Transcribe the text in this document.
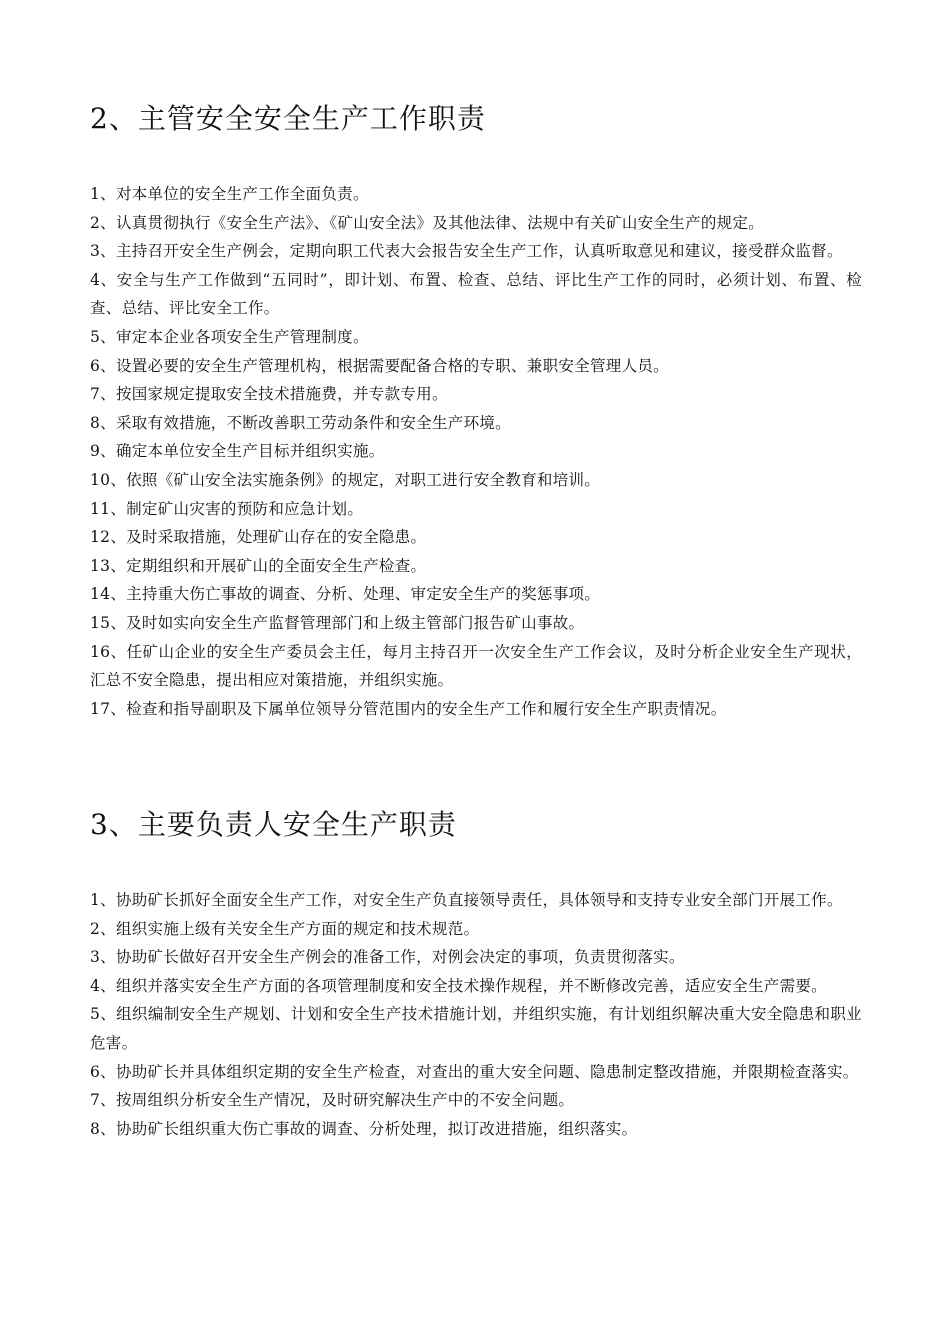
2、主管安全安全生产工作职责
1、对本单位的安全生产工作全面负责。
2、认真贯彻执行《安全生产法》、《矿山安全法》及其他法律、法规中有关矿山安全生产的规定。
3、主持召开安全生产例会，定期向职工代表大会报告安全生产工作，认真听取意见和建议，接受群众监督。
4、安全与生产工作做到“五同时”，即计划、布置、检查、总结、评比生产工作的同时，必须计划、布置、检查、总结、评比安全工作。
5、审定本企业各项安全生产管理制度。
6、设置必要的安全生产管理机构，根据需要配备合格的专职、兼职安全管理人员。
7、按国家规定提取安全技术措施费，并专款专用。
8、采取有效措施，不断改善职工劳动条件和安全生产环境。
9、确定本单位安全生产目标并组织实施。
10、依照《矿山安全法实施条例》的规定，对职工进行安全教育和培训。
11、制定矿山灾害的预防和应急计划。
12、及时采取措施，处理矿山存在的安全隐患。
13、定期组织和开展矿山的全面安全生产检查。
14、主持重大伤亡事故的调查、分析、处理、审定安全生产的奖惩事项。
15、及时如实向安全生产监督管理部门和上级主管部门报告矿山事故。
16、任矿山企业的安全生产委员会主任，每月主持召开一次安全生产工作会议，及时分析企业安全生产现状，汇总不安全隐患，提出相应对策措施，并组织实施。
17、检查和指导副职及下属单位领导分管范围内的安全生产工作和履行安全生产职责情况。
3、主要负责人安全生产职责
1、协助矿长抓好全面安全生产工作，对安全生产负直接领导责任，具体领导和支持专业安全部门开展工作。
2、组织实施上级有关安全生产方面的规定和技术规范。
3、协助矿长做好召开安全生产例会的准备工作，对例会决定的事项，负责贯彻落实。
4、组织并落实安全生产方面的各项管理制度和安全技术操作规程，并不断修改完善，适应安全生产需要。
5、组织编制安全生产规划、计划和安全生产技术措施计划，并组织实施，有计划组织解决重大安全隐患和职业危害。
6、协助矿长并具体组织定期的安全生产检查，对查出的重大安全问题、隐患制定整改措施，并限期检查落实。
7、按周组织分析安全生产情况，及时研究解决生产中的不安全问题。
8、协助矿长组织重大伤亡事故的调查、分析处理，拟订改进措施，组织落实。
